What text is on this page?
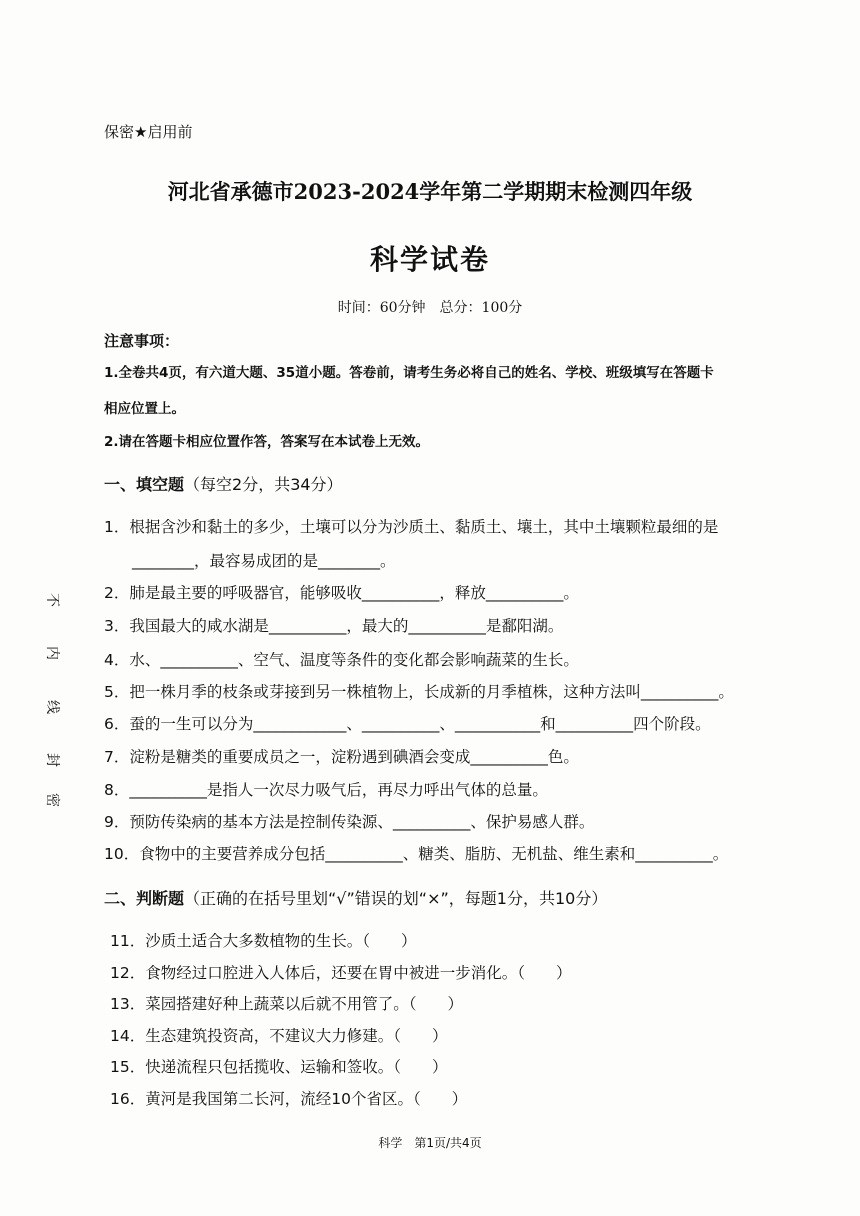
保密★启用前
河北省承德市2023-2024学年第二学期期末检测四年级
科学试卷
时间：60分钟　总分：100分
注意事项：
1.全卷共4页，有六道大题、35道小题。答卷前，请考生务必将自己的姓名、学校、班级填写在答题卡
相应位置上。
2.请在答题卡相应位置作答，答案写在本试卷上无效。
一、填空题（每空2分，共34分）
1．根据含沙和黏土的多少，土壤可以分为沙质土、黏质土、壤土，其中土壤颗粒最细的是
________，最容易成团的是________。
2．肺是最主要的呼吸器官，能够吸收__________，释放__________。
3．我国最大的咸水湖是__________，最大的__________是鄱阳湖。
4．水、__________、空气、温度等条件的变化都会影响蔬菜的生长。
5．把一株月季的枝条或芽接到另一株植物上，长成新的月季植株，这种方法叫__________。
6．蚕的一生可以分为____________、__________、___________和__________四个阶段。
7．淀粉是糖类的重要成员之一，淀粉遇到碘酒会变成__________色。
8．__________是指人一次尽力吸气后，再尽力呼出气体的总量。
9．预防传染病的基本方法是控制传染源、__________、保护易感人群。
10．食物中的主要营养成分包括__________、糖类、脂肪、无机盐、维生素和__________。
二、判断题（正确的在括号里划“√”错误的划“×”，每题1分，共10分）
11．沙质土适合大多数植物的生长。（　　）
12．食物经过口腔进入人体后，还要在胃中被进一步消化。（　　）
13．菜园搭建好种上蔬菜以后就不用管了。（　　）
14．生态建筑投资高，不建议大力修建。（　　）
15．快递流程只包括揽收、运输和签收。（　　）
16．黄河是我国第二长河，流经10个省区。（　　）
不
内
线
封
密
科学　第1页/共4页
